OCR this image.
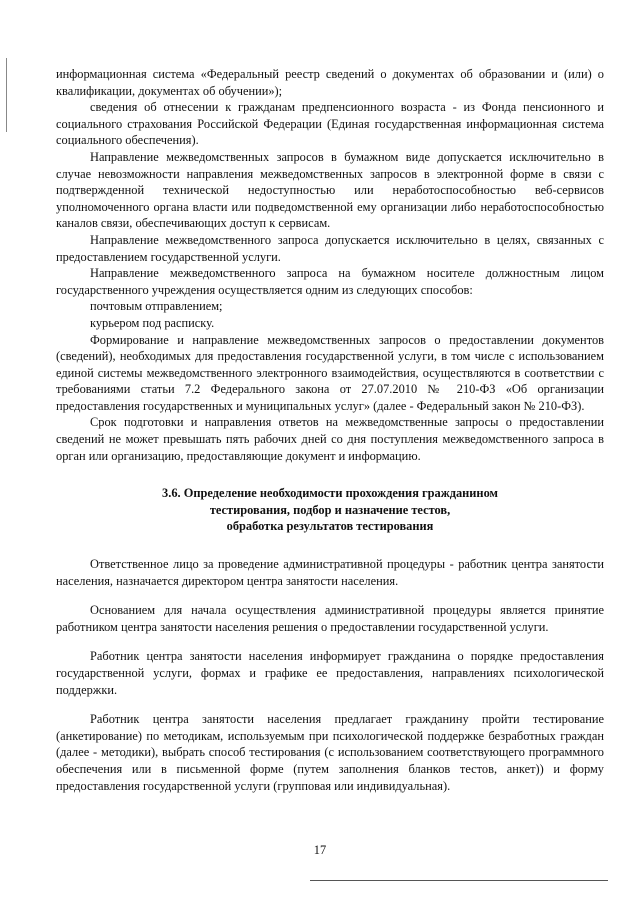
информационная система «Федеральный реестр сведений о документах об образовании и (или) о квалификации, документах об обучении»);

сведения об отнесении к гражданам предпенсионного возраста - из Фонда пенсионного и социального страхования Российской Федерации (Единая государственная информационная система социального обеспечения).

Направление межведомственных запросов в бумажном виде допускается исключительно в случае невозможности направления межведомственных запросов в электронной форме в связи с подтвержденной технической недоступностью или неработоспособностью веб-сервисов уполномоченного органа власти или подведомственной ему организации либо неработоспособностью каналов связи, обеспечивающих доступ к сервисам.

Направление межведомственного запроса допускается исключительно в целях, связанных с предоставлением государственной услуги.

Направление межведомственного запроса на бумажном носителе должностным лицом государственного учреждения осуществляется одним из следующих способов:

почтовым отправлением;

курьером под расписку.

Формирование и направление межведомственных запросов о предоставлении документов (сведений), необходимых для предоставления государственной услуги, в том числе с использованием единой системы межведомственного электронного взаимодействия, осуществляются в соответствии с требованиями статьи 7.2 Федерального закона от 27.07.2010 № 210-ФЗ «Об организации предоставления государственных и муниципальных услуг» (далее - Федеральный закон № 210-ФЗ).

Срок подготовки и направления ответов на межведомственные запросы о предоставлении сведений не может превышать пять рабочих дней со дня поступления межведомственного запроса в орган или организацию, предоставляющие документ и информацию.

3.6. Определение необходимости прохождения гражданином
тестирования, подбор и назначение тестов,
обработка результатов тестирования

Ответственное лицо за проведение административной процедуры - работник центра занятости населения, назначается директором центра занятости населения.

Основанием для начала осуществления административной процедуры является принятие работником центра занятости населения решения о предоставлении государственной услуги.

Работник центра занятости населения информирует гражданина о порядке предоставления государственной услуги, формах и графике ее предоставления, направлениях психологической поддержки.

Работник центра занятости населения предлагает гражданину пройти тестирование (анкетирование) по методикам, используемым при психологической поддержке безработных граждан (далее - методики), выбрать способ тестирования (с использованием соответствующего программного обеспечения или в письменной форме (путем заполнения бланков тестов, анкет)) и форму предоставления государственной услуги (групповая или индивидуальная).

17
